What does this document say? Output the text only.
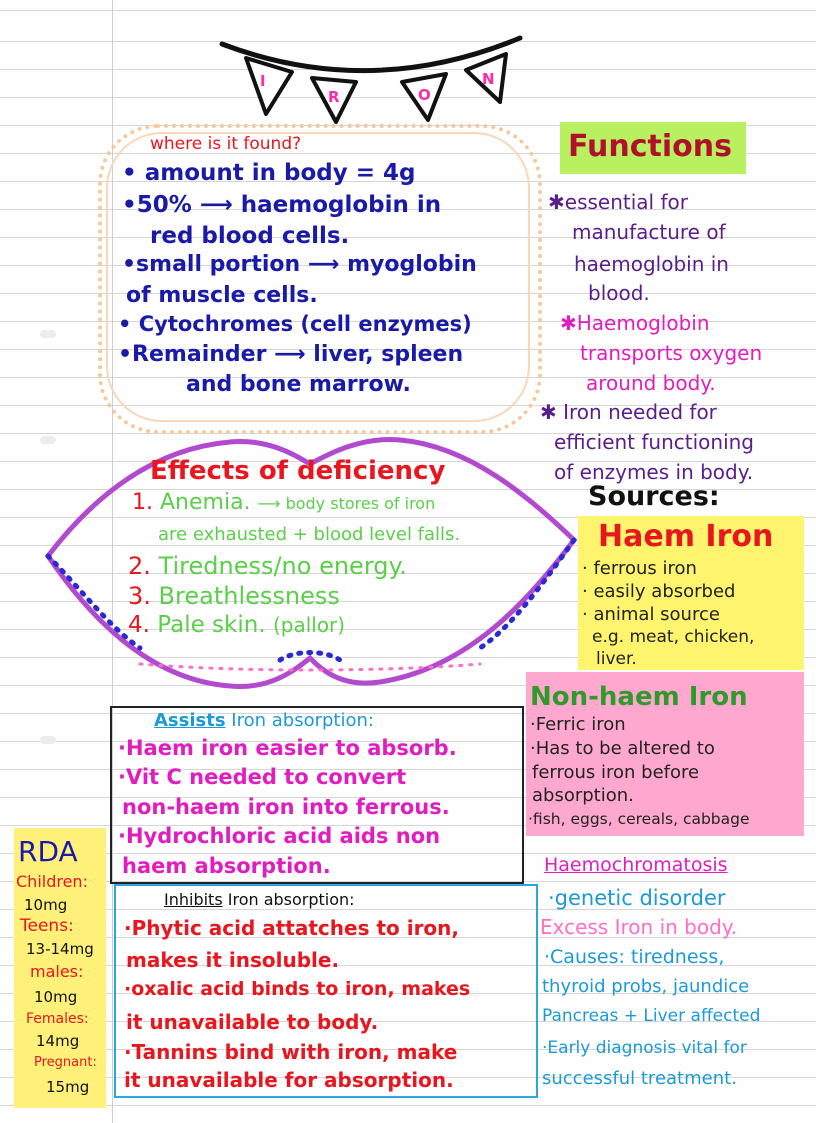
I
R	O
N
where is it found?
• amount in body = 4g
•50% ⟶ haemoglobin in
red blood cells.
•small portion ⟶ myoglobin
of muscle cells.
• Cytochromes (cell enzymes)
•Remainder ⟶ liver, spleen
and bone marrow.
Functions
✱essential for
manufacture of
haemoglobin in
blood.
✱Haemoglobin
transports oxygen
around body.
✱ Iron needed for
efficient functioning
of enzymes in body.
Effects of deficiency
1. Anemia. ⟶ body stores of iron
are exhausted + blood level falls.
2. Tiredness/no energy.
3. Breathlessness
4. Pale skin. (pallor)
Sources:
Haem Iron
· ferrous iron
· easily absorbed
· animal source
e.g. meat, chicken,
liver.
Non-haem Iron
·Ferric iron
·Has to be altered to
ferrous iron before
absorption.
·fish, eggs, cereals, cabbage
Assists Iron absorption:
·Haem iron easier to absorb.
·Vit C needed to convert
non-haem iron into ferrous.
·Hydrochloric acid aids non
haem absorption.
RDA
Children:
10mg
Teens:
13-14mg
males:
10mg
Females:
14mg
Pregnant:
15mg
Inhibits Iron absorption:
·Phytic acid attatches to iron,
makes it insoluble.
·oxalic acid binds to iron, makes
it unavailable to body.
·Tannins bind with iron, make
it unavailable for absorption.
Haemochromatosis
·genetic disorder
Excess Iron in body.
·Causes: tiredness,
thyroid probs, jaundice
Pancreas + Liver affected
·Early diagnosis vital for
successful treatment.
